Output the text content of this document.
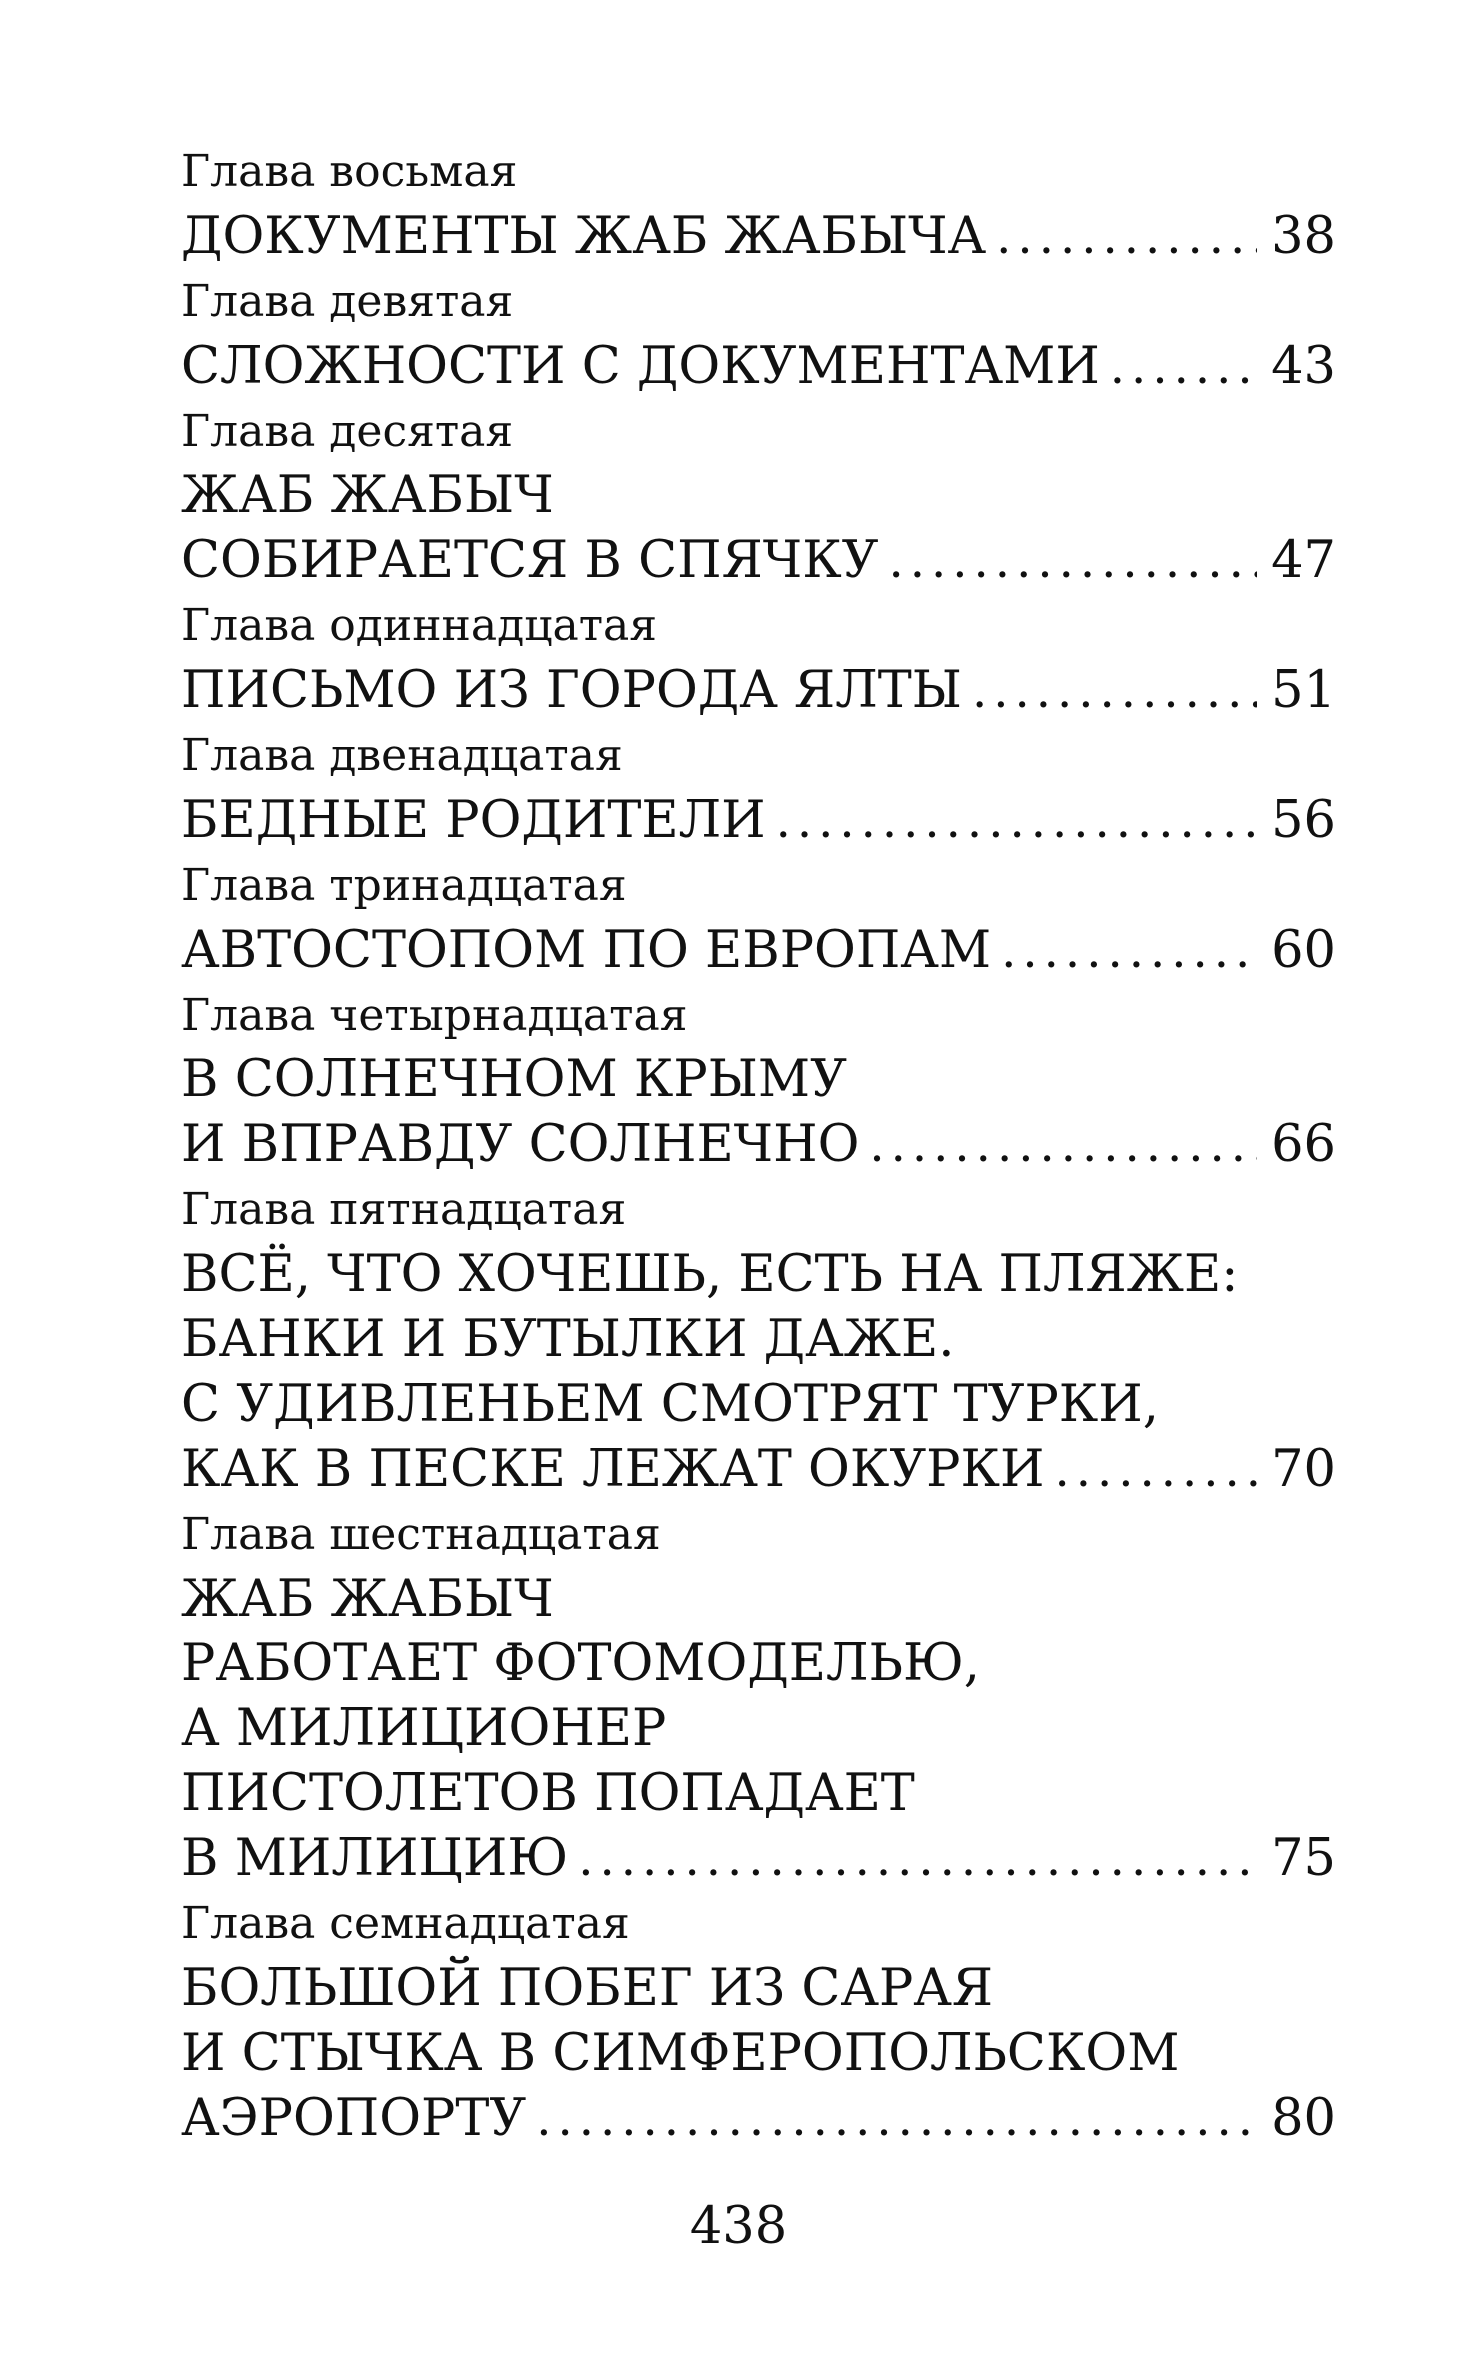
Глава восьмая
ДОКУМЕНТЫ ЖАБ ЖАБЫЧА .....	38
Глава девятая
СЛОЖНОСТИ С ДОКУМЕНТАМИ .....	43
Глава десятая
ЖАБ ЖАБЫЧ
СОБИРАЕТСЯ В СПЯЧКУ .....	47
Глава одиннадцатая
ПИСЬМО ИЗ ГОРОДА ЯЛТЫ .....	51
Глава двенадцатая
БЕДНЫЕ РОДИТЕЛИ .....	56
Глава тринадцатая
АВТОСТОПОМ ПО ЕВРОПАМ .....	60
Глава четырнадцатая
В СОЛНЕЧНОМ КРЫМУ
И ВПРАВДУ СОЛНЕЧНО .....	66
Глава пятнадцатая
ВСЁ, ЧТО ХОЧЕШЬ, ЕСТЬ НА ПЛЯЖЕ:
БАНКИ И БУТЫЛКИ ДАЖЕ.
С УДИВЛЕНЬЕМ СМОТРЯТ ТУРКИ,
КАК В ПЕСКЕ ЛЕЖАТ ОКУРКИ .....	70
Глава шестнадцатая
ЖАБ ЖАБЫЧ
РАБОТАЕТ ФОТОМОДЕЛЬЮ,
А МИЛИЦИОНЕР
ПИСТОЛЕТОВ ПОПАДАЕТ
В МИЛИЦИЮ .....	75
Глава семнадцатая
БОЛЬШОЙ ПОБЕГ ИЗ САРАЯ
И СТЫЧКА В СИМФЕРОПОЛЬСКОМ
АЭРОПОРТУ .....	80
438
